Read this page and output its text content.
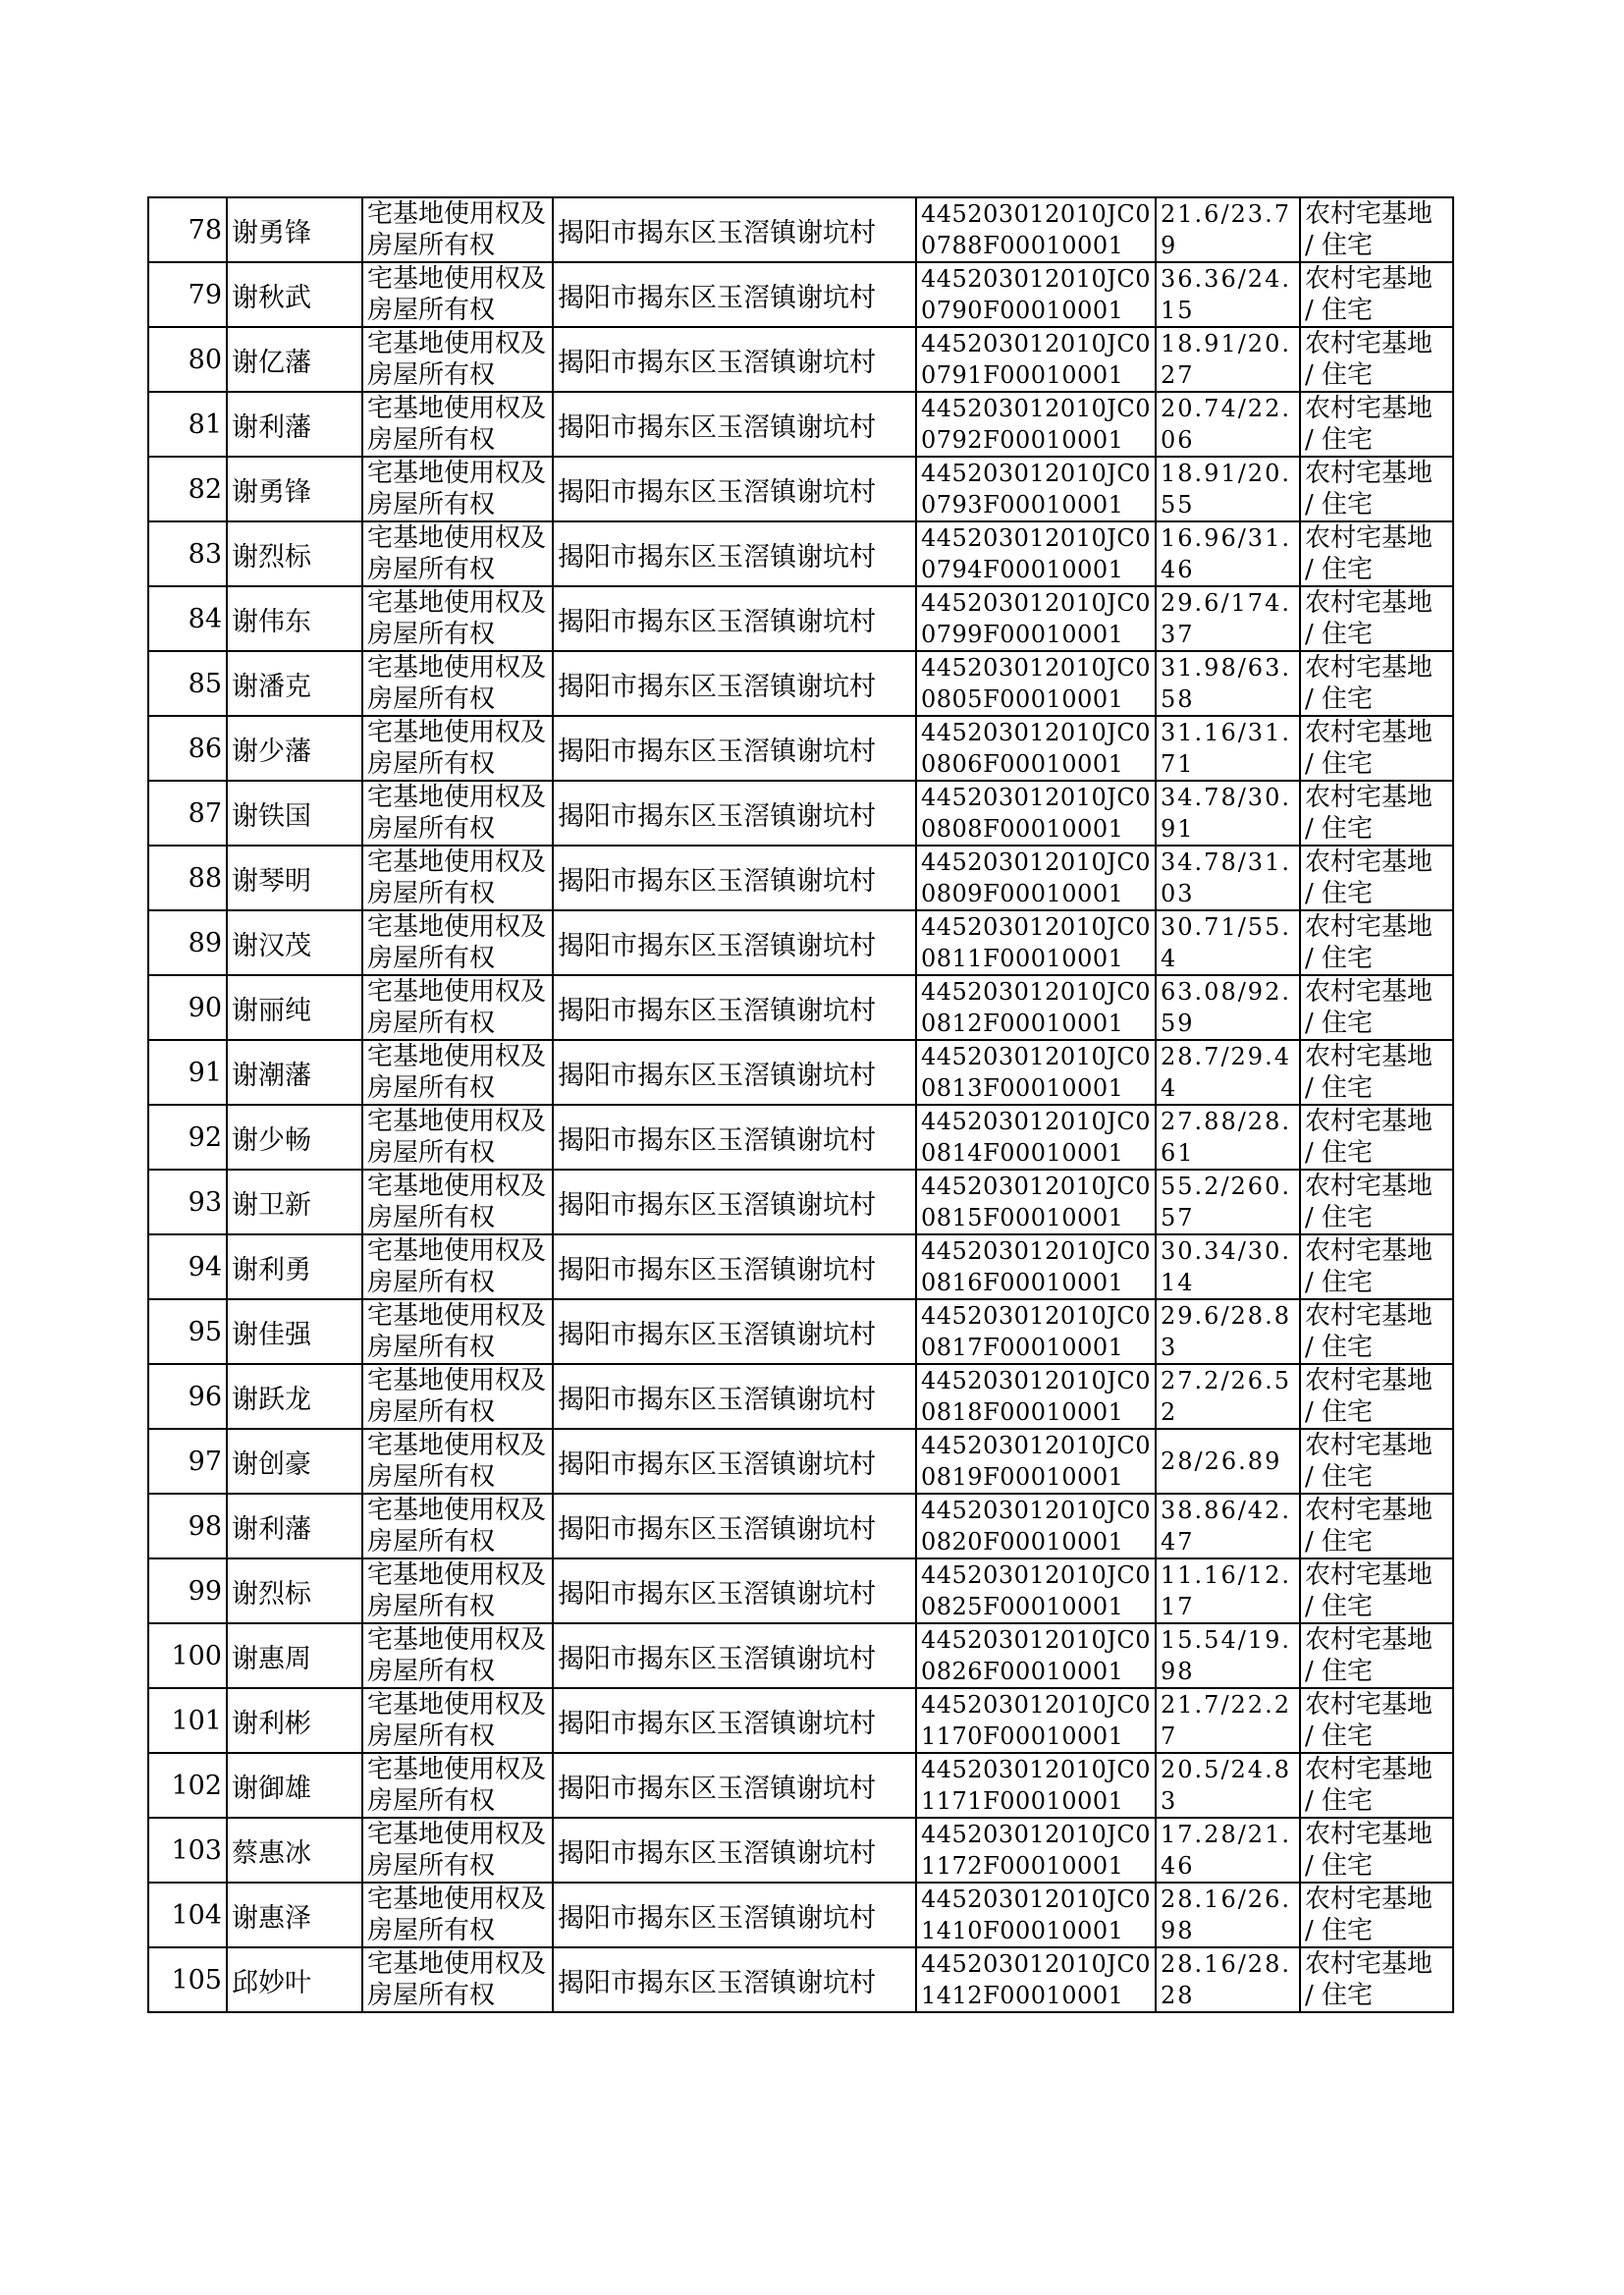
78	谢勇锋	宅基地使用权及房屋所有权	揭阳市揭东区玉滘镇谢坑村	445203012010JC00788F00010001	21.6/23.79	农村宅基地 / 住宅
79	谢秋武	宅基地使用权及房屋所有权	揭阳市揭东区玉滘镇谢坑村	445203012010JC00790F00010001	36.36/24.15	农村宅基地 / 住宅
80	谢亿藩	宅基地使用权及房屋所有权	揭阳市揭东区玉滘镇谢坑村	445203012010JC00791F00010001	18.91/20.27	农村宅基地 / 住宅
81	谢利藩	宅基地使用权及房屋所有权	揭阳市揭东区玉滘镇谢坑村	445203012010JC00792F00010001	20.74/22.06	农村宅基地 / 住宅
82	谢勇锋	宅基地使用权及房屋所有权	揭阳市揭东区玉滘镇谢坑村	445203012010JC00793F00010001	18.91/20.55	农村宅基地 / 住宅
83	谢烈标	宅基地使用权及房屋所有权	揭阳市揭东区玉滘镇谢坑村	445203012010JC00794F00010001	16.96/31.46	农村宅基地 / 住宅
84	谢伟东	宅基地使用权及房屋所有权	揭阳市揭东区玉滘镇谢坑村	445203012010JC00799F00010001	29.6/174.37	农村宅基地 / 住宅
85	谢潘克	宅基地使用权及房屋所有权	揭阳市揭东区玉滘镇谢坑村	445203012010JC00805F00010001	31.98/63.58	农村宅基地 / 住宅
86	谢少藩	宅基地使用权及房屋所有权	揭阳市揭东区玉滘镇谢坑村	445203012010JC00806F00010001	31.16/31.71	农村宅基地 / 住宅
87	谢铁国	宅基地使用权及房屋所有权	揭阳市揭东区玉滘镇谢坑村	445203012010JC00808F00010001	34.78/30.91	农村宅基地 / 住宅
88	谢琴明	宅基地使用权及房屋所有权	揭阳市揭东区玉滘镇谢坑村	445203012010JC00809F00010001	34.78/31.03	农村宅基地 / 住宅
89	谢汉茂	宅基地使用权及房屋所有权	揭阳市揭东区玉滘镇谢坑村	445203012010JC00811F00010001	30.71/55.4	农村宅基地 / 住宅
90	谢丽纯	宅基地使用权及房屋所有权	揭阳市揭东区玉滘镇谢坑村	445203012010JC00812F00010001	63.08/92.59	农村宅基地 / 住宅
91	谢潮藩	宅基地使用权及房屋所有权	揭阳市揭东区玉滘镇谢坑村	445203012010JC00813F00010001	28.7/29.44	农村宅基地 / 住宅
92	谢少畅	宅基地使用权及房屋所有权	揭阳市揭东区玉滘镇谢坑村	445203012010JC00814F00010001	27.88/28.61	农村宅基地 / 住宅
93	谢卫新	宅基地使用权及房屋所有权	揭阳市揭东区玉滘镇谢坑村	445203012010JC00815F00010001	55.2/260.57	农村宅基地 / 住宅
94	谢利勇	宅基地使用权及房屋所有权	揭阳市揭东区玉滘镇谢坑村	445203012010JC00816F00010001	30.34/30.14	农村宅基地 / 住宅
95	谢佳强	宅基地使用权及房屋所有权	揭阳市揭东区玉滘镇谢坑村	445203012010JC00817F00010001	29.6/28.83	农村宅基地 / 住宅
96	谢跃龙	宅基地使用权及房屋所有权	揭阳市揭东区玉滘镇谢坑村	445203012010JC00818F00010001	27.2/26.52	农村宅基地 / 住宅
97	谢创豪	宅基地使用权及房屋所有权	揭阳市揭东区玉滘镇谢坑村	445203012010JC00819F00010001	28/26.89	农村宅基地 / 住宅
98	谢利藩	宅基地使用权及房屋所有权	揭阳市揭东区玉滘镇谢坑村	445203012010JC00820F00010001	38.86/42.47	农村宅基地 / 住宅
99	谢烈标	宅基地使用权及房屋所有权	揭阳市揭东区玉滘镇谢坑村	445203012010JC00825F00010001	11.16/12.17	农村宅基地 / 住宅
100	谢惠周	宅基地使用权及房屋所有权	揭阳市揭东区玉滘镇谢坑村	445203012010JC00826F00010001	15.54/19.98	农村宅基地 / 住宅
101	谢利彬	宅基地使用权及房屋所有权	揭阳市揭东区玉滘镇谢坑村	445203012010JC01170F00010001	21.7/22.27	农村宅基地 / 住宅
102	谢御雄	宅基地使用权及房屋所有权	揭阳市揭东区玉滘镇谢坑村	445203012010JC01171F00010001	20.5/24.83	农村宅基地 / 住宅
103	蔡惠冰	宅基地使用权及房屋所有权	揭阳市揭东区玉滘镇谢坑村	445203012010JC01172F00010001	17.28/21.46	农村宅基地 / 住宅
104	谢惠泽	宅基地使用权及房屋所有权	揭阳市揭东区玉滘镇谢坑村	445203012010JC01410F00010001	28.16/26.98	农村宅基地 / 住宅
105	邱妙叶	宅基地使用权及房屋所有权	揭阳市揭东区玉滘镇谢坑村	445203012010JC01412F00010001	28.16/28.28	农村宅基地 / 住宅
